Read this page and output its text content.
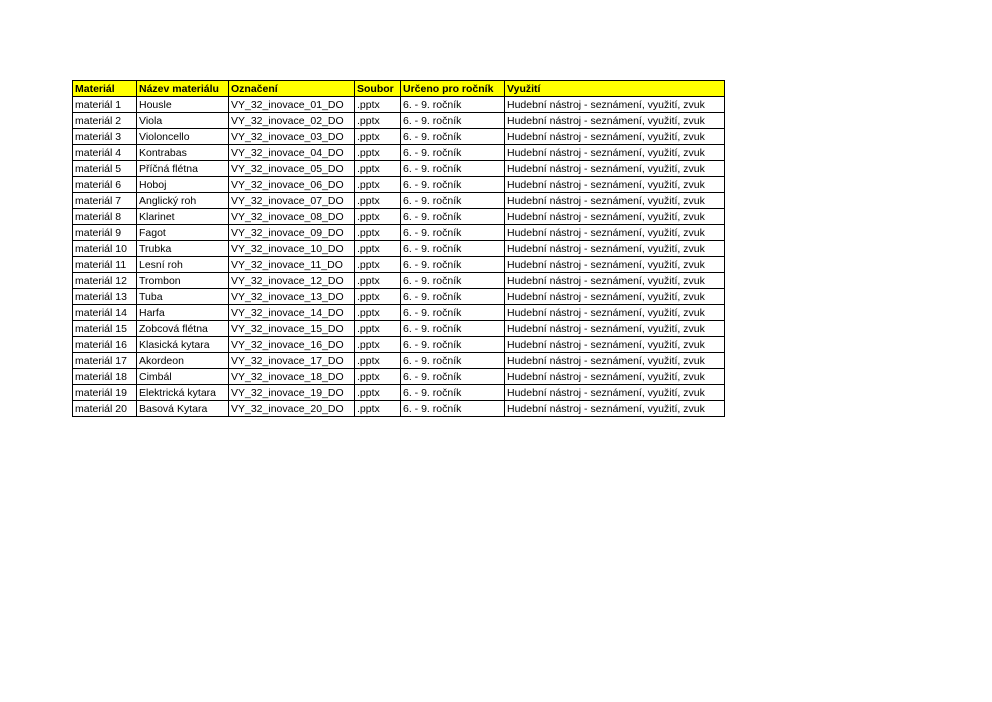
Materiál	Název materiálu	Označení	Soubor	Určeno pro ročník	Využití
materiál 1	Housle	VY_32_inovace_01_DO	.pptx	6. - 9. ročník	Hudební nástroj - seznámení, využití, zvuk
materiál 2	Viola	VY_32_inovace_02_DO	.pptx	6. - 9. ročník	Hudební nástroj - seznámení, využití, zvuk
materiál 3	Violoncello	VY_32_inovace_03_DO	.pptx	6. - 9. ročník	Hudební nástroj - seznámení, využití, zvuk
materiál 4	Kontrabas	VY_32_inovace_04_DO	.pptx	6. - 9. ročník	Hudební nástroj - seznámení, využití, zvuk
materiál 5	Příčná flétna	VY_32_inovace_05_DO	.pptx	6. - 9. ročník	Hudební nástroj - seznámení, využití, zvuk
materiál 6	Hoboj	VY_32_inovace_06_DO	.pptx	6. - 9. ročník	Hudební nástroj - seznámení, využití, zvuk
materiál 7	Anglický roh	VY_32_inovace_07_DO	.pptx	6. - 9. ročník	Hudební nástroj - seznámení, využití, zvuk
materiál 8	Klarinet	VY_32_inovace_08_DO	.pptx	6. - 9. ročník	Hudební nástroj - seznámení, využití, zvuk
materiál 9	Fagot	VY_32_inovace_09_DO	.pptx	6. - 9. ročník	Hudební nástroj - seznámení, využití, zvuk
materiál 10	Trubka	VY_32_inovace_10_DO	.pptx	6. - 9. ročník	Hudební nástroj - seznámení, využití, zvuk
materiál 11	Lesní roh	VY_32_inovace_11_DO	.pptx	6. - 9. ročník	Hudební nástroj - seznámení, využití, zvuk
materiál 12	Trombon	VY_32_inovace_12_DO	.pptx	6. - 9. ročník	Hudební nástroj - seznámení, využití, zvuk
materiál 13	Tuba	VY_32_inovace_13_DO	.pptx	6. - 9. ročník	Hudební nástroj - seznámení, využití, zvuk
materiál 14	Harfa	VY_32_inovace_14_DO	.pptx	6. - 9. ročník	Hudební nástroj - seznámení, využití, zvuk
materiál 15	Zobcová flétna	VY_32_inovace_15_DO	.pptx	6. - 9. ročník	Hudební nástroj - seznámení, využití, zvuk
materiál 16	Klasická kytara	VY_32_inovace_16_DO	.pptx	6. - 9. ročník	Hudební nástroj - seznámení, využití, zvuk
materiál 17	Akordeon	VY_32_inovace_17_DO	.pptx	6. - 9. ročník	Hudební nástroj - seznámení, využití, zvuk
materiál 18	Cimbál	VY_32_inovace_18_DO	.pptx	6. - 9. ročník	Hudební nástroj - seznámení, využití, zvuk
materiál 19	Elektrická kytara	VY_32_inovace_19_DO	.pptx	6. - 9. ročník	Hudební nástroj - seznámení, využití, zvuk
materiál 20	Basová Kytara	VY_32_inovace_20_DO	.pptx	6. - 9. ročník	Hudební nástroj - seznámení, využití, zvuk
